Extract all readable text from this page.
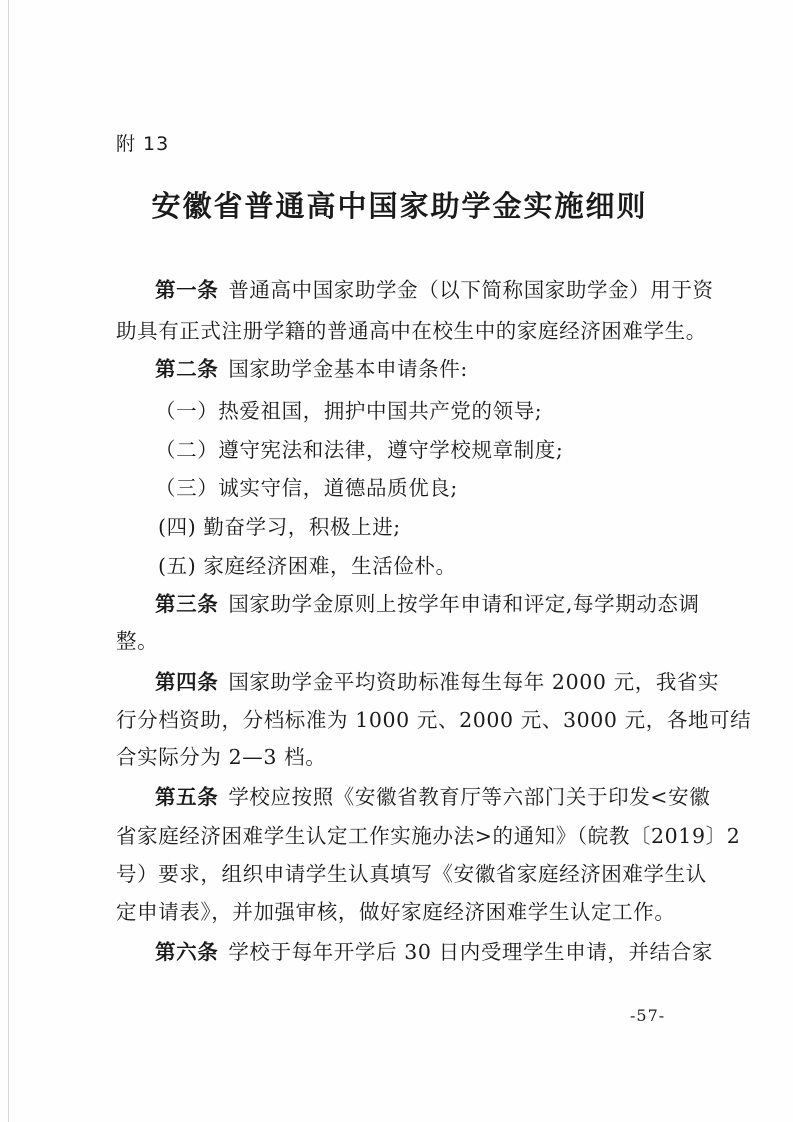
附 13
安徽省普通高中国家助学金实施细则
第一条 普通高中国家助学金（以下简称国家助学金）用于资
助具有正式注册学籍的普通高中在校生中的家庭经济困难学生。
第二条 国家助学金基本申请条件:
（一）热爱祖国，拥护中国共产党的领导;
（二）遵守宪法和法律，遵守学校规章制度;
（三）诚实守信，道德品质优良;
(四) 勤奋学习，积极上进;
(五) 家庭经济困难，生活俭朴。
第三条 国家助学金原则上按学年申请和评定,每学期动态调
整。
第四条 国家助学金平均资助标准每生每年 2000 元，我省实
行分档资助，分档标准为 1000 元、2000 元、3000 元，各地可结
合实际分为 2—3 档。
第五条 学校应按照《安徽省教育厅等六部门关于印发<安徽
省家庭经济困难学生认定工作实施办法>的通知》（皖教〔2019〕2
号）要求，组织申请学生认真填写《安徽省家庭经济困难学生认
定申请表》，并加强审核，做好家庭经济困难学生认定工作。
第六条 学校于每年开学后 30 日内受理学生申请，并结合家
-57-
